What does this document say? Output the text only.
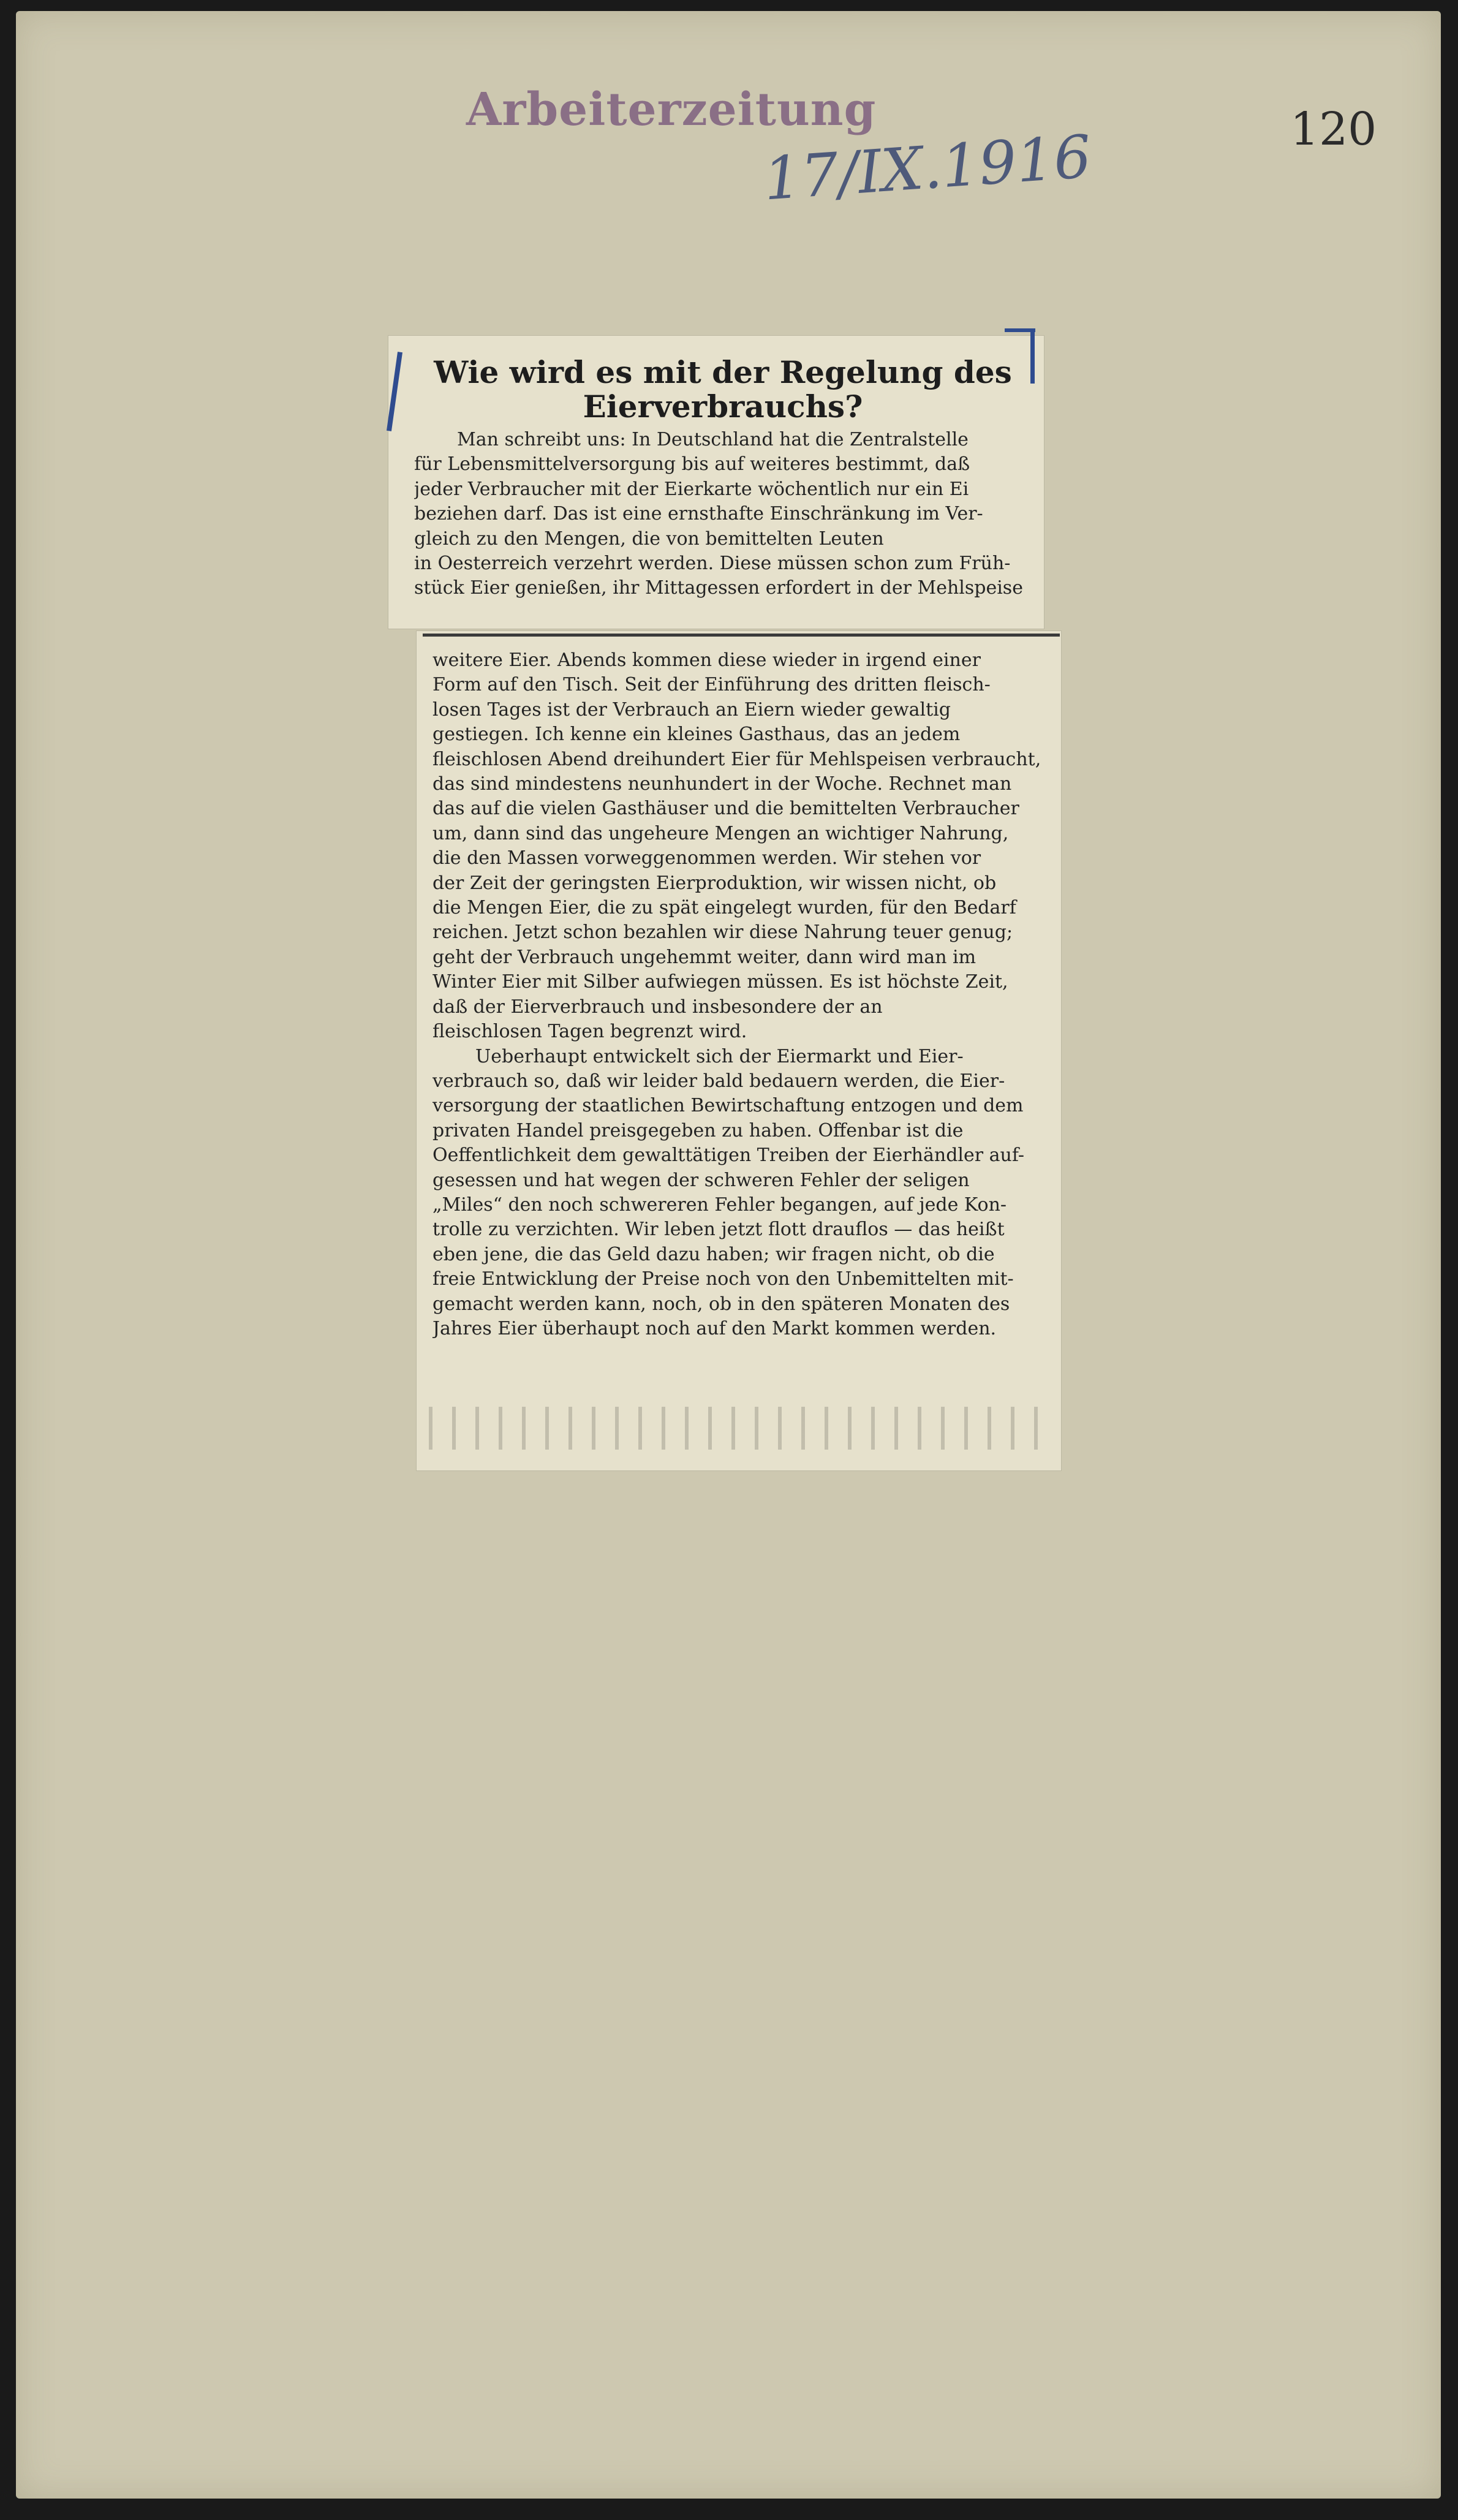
Arbeiterzeitung
17/IX.1916	120
Wie wird es mit der Regelung des Eierverbrauchs?
Man schreibt uns: In Deutschland hat die Zentralstelle
für Lebensmittelversorgung bis auf weiteres bestimmt, daß
jeder Verbraucher mit der Eierkarte wöchentlich nur ein Ei
beziehen darf. Das ist eine ernsthafte Einschränkung im Ver-
gleich zu den Mengen, die von bemittelten Leuten
in Oesterreich verzehrt werden. Diese müssen schon zum Früh-
stück Eier genießen, ihr Mittagessen erfordert in der Mehlspeise
weitere Eier. Abends kommen diese wieder in irgend einer
Form auf den Tisch. Seit der Einführung des dritten fleisch-
losen Tages ist der Verbrauch an Eiern wieder gewaltig
gestiegen. Ich kenne ein kleines Gasthaus, das an jedem
fleischlosen Abend dreihundert Eier für Mehlspeisen verbraucht,
das sind mindestens neunhundert in der Woche. Rechnet man
das auf die vielen Gasthäuser und die bemittelten Verbraucher
um, dann sind das ungeheure Mengen an wichtiger Nahrung,
die den Massen vorweggenommen werden. Wir stehen vor
der Zeit der geringsten Eierproduktion, wir wissen nicht, ob
die Mengen Eier, die zu spät eingelegt wurden, für den Bedarf
reichen. Jetzt schon bezahlen wir diese Nahrung teuer genug;
geht der Verbrauch ungehemmt weiter, dann wird man im
Winter Eier mit Silber aufwiegen müssen. Es ist höchste Zeit,
daß der Eierverbrauch und insbesondere der an
fleischlosen Tagen begrenzt wird.
Ueberhaupt entwickelt sich der Eiermarkt und Eier-
verbrauch so, daß wir leider bald bedauern werden, die Eier-
versorgung der staatlichen Bewirtschaftung entzogen und dem
privaten Handel preisgegeben zu haben. Offenbar ist die
Oeffentlichkeit dem gewalttätigen Treiben der Eierhändler auf-
gesessen und hat wegen der schweren Fehler der seligen
„Miles“ den noch schwereren Fehler begangen, auf jede Kon-
trolle zu verzichten. Wir leben jetzt flott drauflos — das heißt
eben jene, die das Geld dazu haben; wir fragen nicht, ob die
freie Entwicklung der Preise noch von den Unbemittelten mit-
gemacht werden kann, noch, ob in den späteren Monaten des
Jahres Eier überhaupt noch auf den Markt kommen werden.
